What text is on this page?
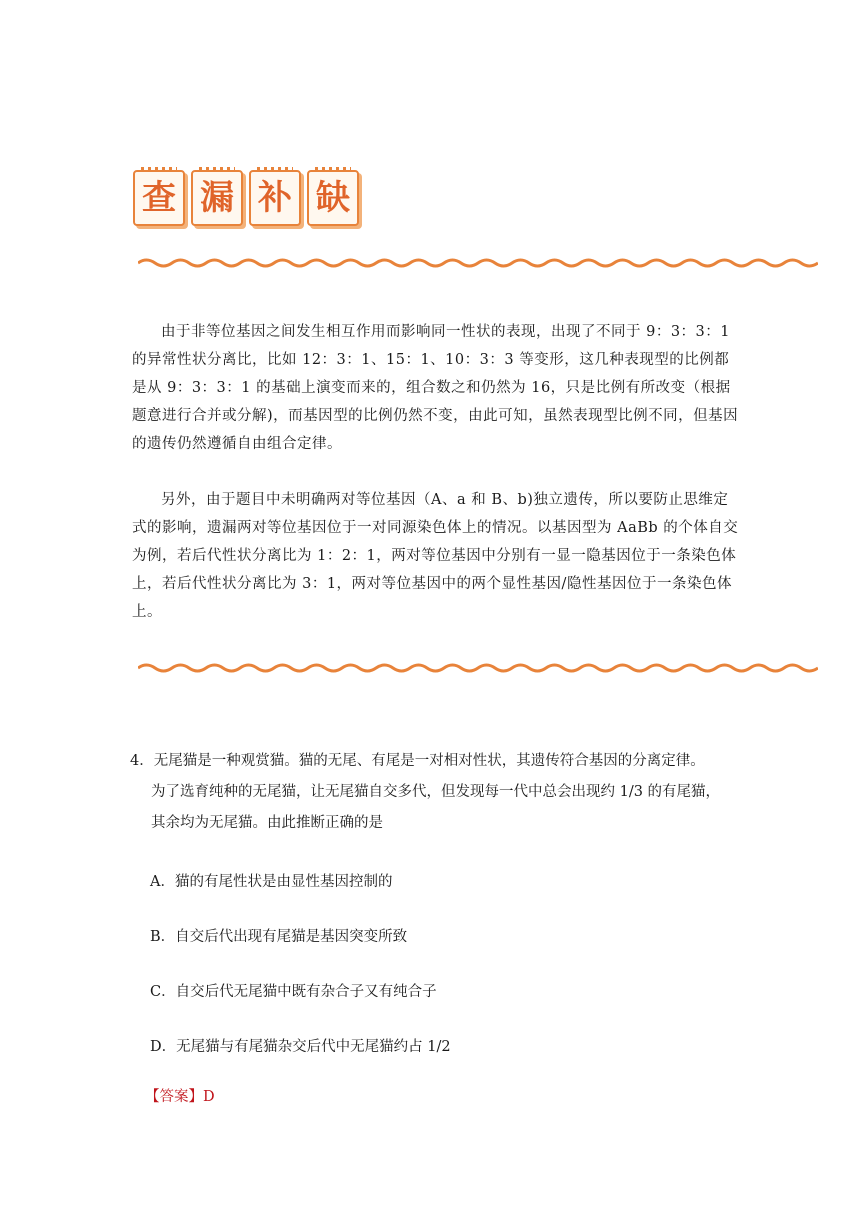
查 漏 补 缺

由于非等位基因之间发生相互作用而影响同一性状的表现，出现了不同于 9：3：3：1 的异常性状分离比，比如 12：3：1、15：1、10：3：3 等变形，这几种表现型的比例都是从 9：3：3：1 的基础上演变而来的，组合数之和仍然为 16，只是比例有所改变（根据题意进行合并或分解)，而基因型的比例仍然不变，由此可知，虽然表现型比例不同，但基因的遗传仍然遵循自由组合定律。

另外，由于题目中未明确两对等位基因（A、a 和 B、b)独立遗传，所以要防止思维定式的影响，遗漏两对等位基因位于一对同源染色体上的情况。以基因型为 AaBb 的个体自交为例，若后代性状分离比为 1：2：1，两对等位基因中分别有一显一隐基因位于一条染色体上，若后代性状分离比为 3：1，两对等位基因中的两个显性基因/隐性基因位于一条染色体上。

4．无尾猫是一种观赏猫。猫的无尾、有尾是一对相对性状，其遗传符合基因的分离定律。

为了选育纯种的无尾猫，让无尾猫自交多代，但发现每一代中总会出现约 1/3 的有尾猫，

其余均为无尾猫。由此推断正确的是

A．猫的有尾性状是由显性基因控制的
B．自交后代出现有尾猫是基因突变所致
C．自交后代无尾猫中既有杂合子又有纯合子
D．无尾猫与有尾猫杂交后代中无尾猫约占 1/2
【答案】D
